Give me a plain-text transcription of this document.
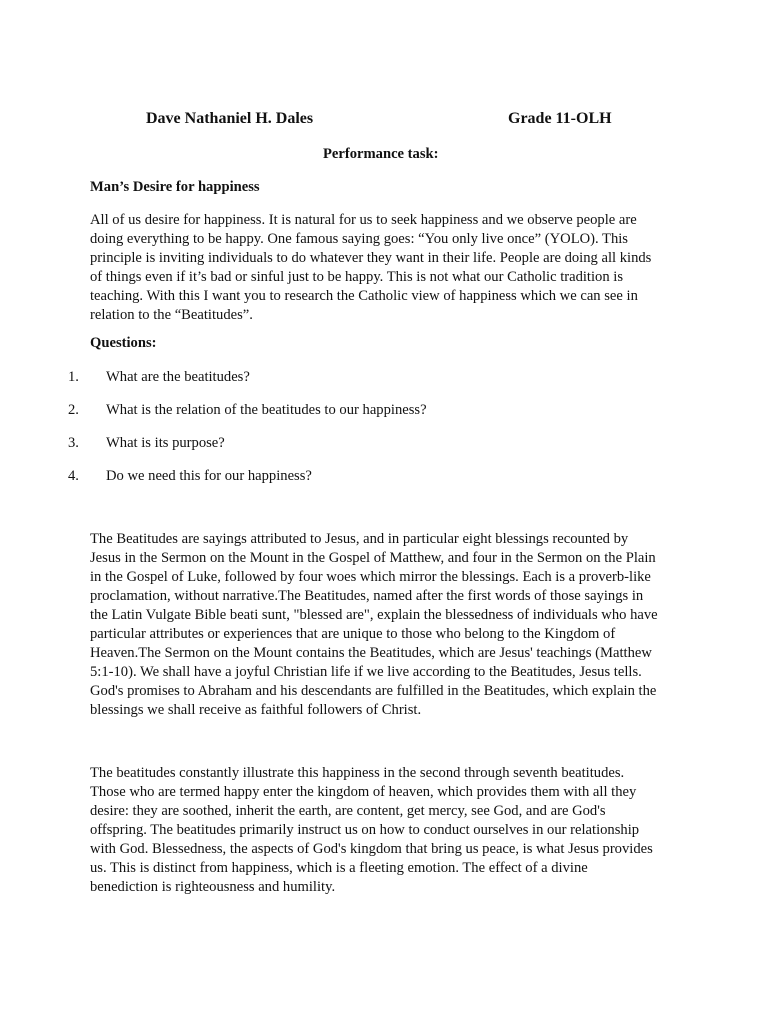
Dave Nathaniel H. Dales	Grade 11-OLH
Performance task:
Man’s Desire for happiness
All of us desire for happiness. It is natural for us to seek happiness and we observe people are
doing everything to be happy. One famous saying goes: “You only live once” (YOLO). This
principle is inviting individuals to do whatever they want in their life. People are doing all kinds
of things even if it’s bad or sinful just to be happy. This is not what our Catholic tradition is
teaching. With this I want you to research the Catholic view of happiness which we can see in
relation to the “Beatitudes”.
Questions:
1. What are the beatitudes?
2. What is the relation of the beatitudes to our happiness?
3. What is its purpose?
4. Do we need this for our happiness?
The Beatitudes are sayings attributed to Jesus, and in particular eight blessings recounted by
Jesus in the Sermon on the Mount in the Gospel of Matthew, and four in the Sermon on the Plain
in the Gospel of Luke, followed by four woes which mirror the blessings. Each is a proverb-like
proclamation, without narrative.The Beatitudes, named after the first words of those sayings in
the Latin Vulgate Bible beati sunt, "blessed are", explain the blessedness of individuals who have
particular attributes or experiences that are unique to those who belong to the Kingdom of
Heaven.The Sermon on the Mount contains the Beatitudes, which are Jesus' teachings (Matthew
5:1-10). We shall have a joyful Christian life if we live according to the Beatitudes, Jesus tells.
God's promises to Abraham and his descendants are fulfilled in the Beatitudes, which explain the
blessings we shall receive as faithful followers of Christ.
The beatitudes constantly illustrate this happiness in the second through seventh beatitudes.
Those who are termed happy enter the kingdom of heaven, which provides them with all they
desire: they are soothed, inherit the earth, are content, get mercy, see God, and are God's
offspring. The beatitudes primarily instruct us on how to conduct ourselves in our relationship
with God. Blessedness, the aspects of God's kingdom that bring us peace, is what Jesus provides
us. This is distinct from happiness, which is a fleeting emotion. The effect of a divine
benediction is righteousness and humility.
